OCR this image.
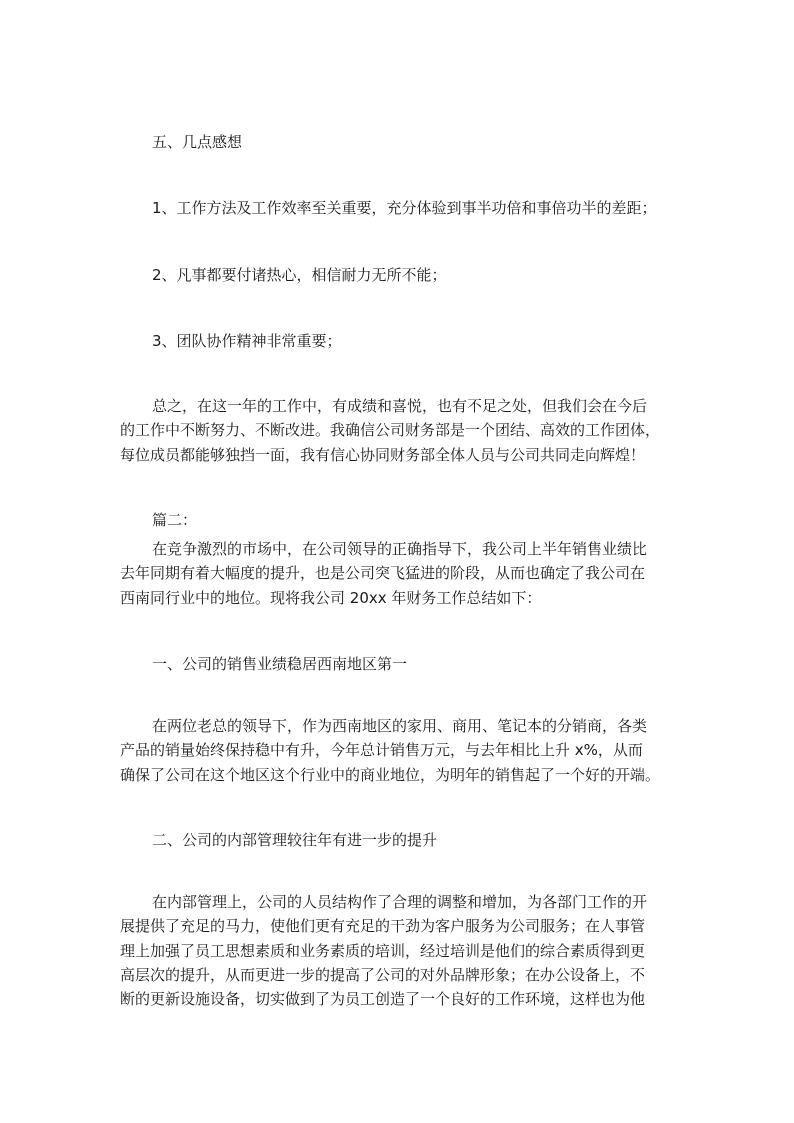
五、几点感想

1、工作方法及工作效率至关重要，充分体验到事半功倍和事倍功半的差距；

2、凡事都要付诸热心，相信耐力无所不能；

3、团队协作精神非常重要；

总之，在这一年的工作中，有成绩和喜悦，也有不足之处，但我们会在今后
的工作中不断努力、不断改进。我确信公司财务部是一个团结、高效的工作团体，
每位成员都能够独挡一面，我有信心协同财务部全体人员与公司共同走向辉煌！

篇二：

在竞争激烈的市场中，在公司领导的正确指导下，我公司上半年销售业绩比
去年同期有着大幅度的提升，也是公司突飞猛进的阶段，从而也确定了我公司在
西南同行业中的地位。现将我公司 20xx 年财务工作总结如下：

一、公司的销售业绩稳居西南地区第一

在两位老总的领导下，作为西南地区的家用、商用、笔记本的分销商，各类
产品的销量始终保持稳中有升，今年总计销售万元，与去年相比上升 x%，从而
确保了公司在这个地区这个行业中的商业地位，为明年的销售起了一个好的开端。

二、公司的内部管理较往年有进一步的提升

在内部管理上，公司的人员结构作了合理的调整和增加，为各部门工作的开
展提供了充足的马力，使他们更有充足的干劲为客户服务为公司服务；在人事管
理上加强了员工思想素质和业务素质的培训，经过培训是他们的综合素质得到更
高层次的提升，从而更进一步的提高了公司的对外品牌形象；在办公设备上，不
断的更新设施设备，切实做到了为员工创造了一个良好的工作环境，这样也为他
